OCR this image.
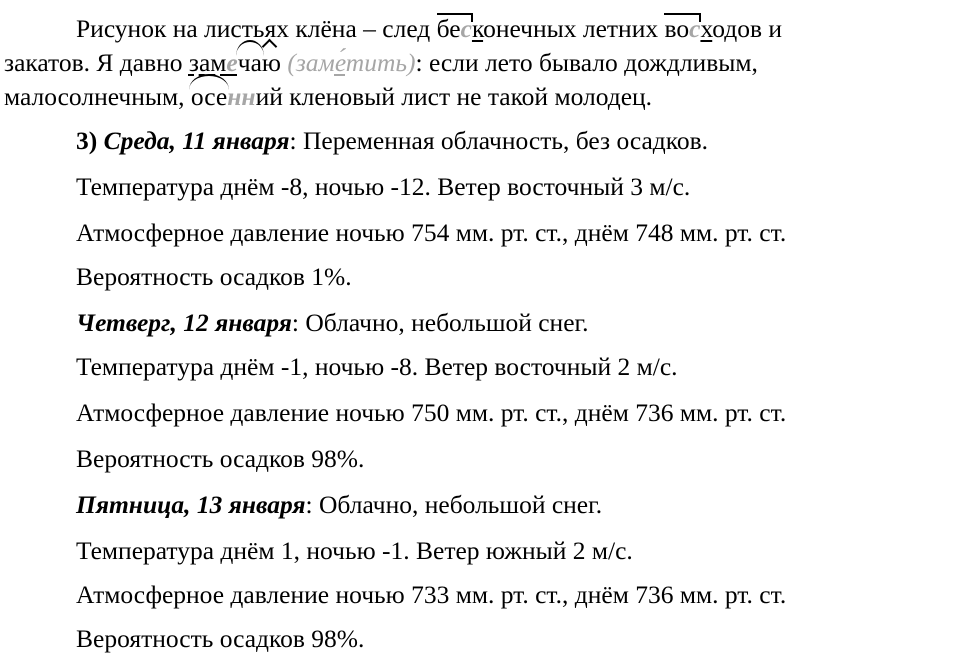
Рисунок на листьях клёна – след бесконечных летних восходов и
закатов. Я давно замечаю (заме́тить): если лето бывало дождливым,
малосолнечным, осенний кленовый лист не такой молодец.
3) Среда, 11 января: Переменная облачность, без осадков.
Температура днём -8, ночью -12. Ветер восточный 3 м/с.
Атмосферное давление ночью 754 мм. рт. ст., днём 748 мм. рт. ст.
Вероятность осадков 1%.
Четверг, 12 января: Облачно, небольшой снег.
Температура днём -1, ночью -8. Ветер восточный 2 м/с.
Атмосферное давление ночью 750 мм. рт. ст., днём 736 мм. рт. ст.
Вероятность осадков 98%.
Пятница, 13 января: Облачно, небольшой снег.
Температура днём 1, ночью -1. Ветер южный 2 м/с.
Атмосферное давление ночью 733 мм. рт. ст., днём 736 мм. рт. ст.
Вероятность осадков 98%.
